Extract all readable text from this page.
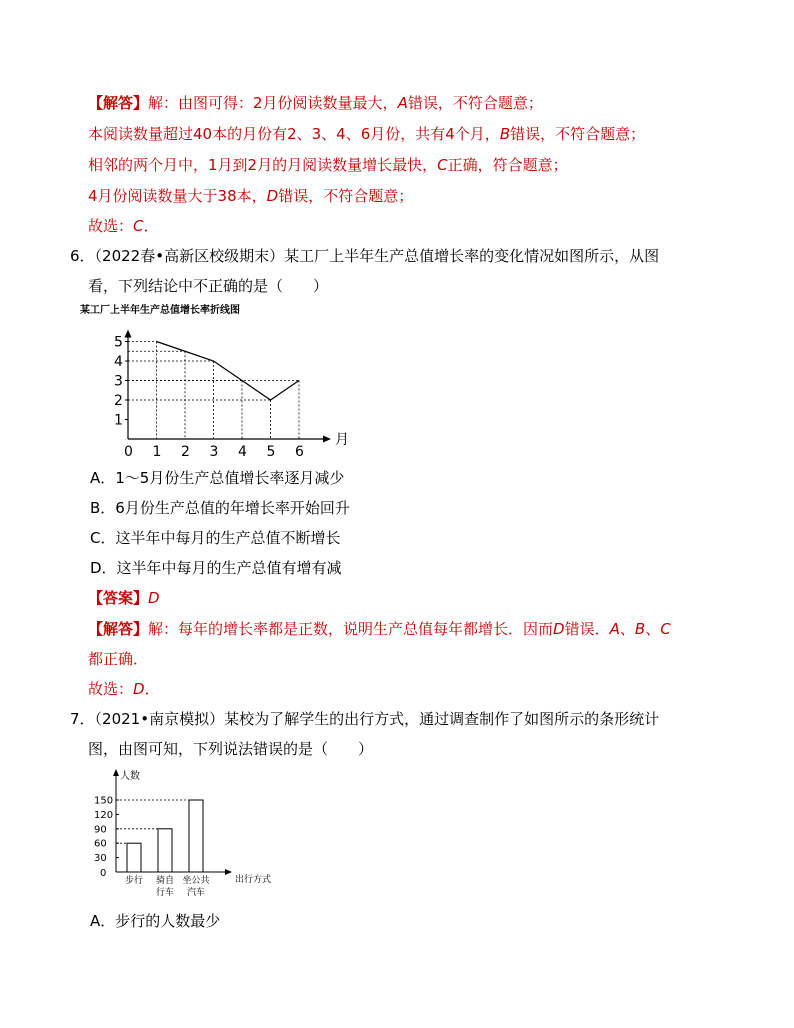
【解答】解：由图可得：2月份阅读数量最大，A错误，不符合题意；
本阅读数量超过40本的月份有2、3、4、6月份，共有4个月，B错误，不符合题意；
相邻的两个月中，1月到2月的月阅读数量增长最快，C正确，符合题意；
4月份阅读数量大于38本，D错误，不符合题意；
故选：C．
6．（2022春•高新区校级期末）某工厂上半年生产总值增长率的变化情况如图所示，从图
看，下列结论中不正确的是（　　）
某工厂上半年生产总值增长率折线图
0 1 2 3 4 5 6
1
2
3
4
5
月
A．1～5月份生产总值增长率逐月减少
B．6月份生产总值的年增长率开始回升
C．这半年中每月的生产总值不断增长
D．这半年中每月的生产总值有增有减
【答案】D
【解答】解：每年的增长率都是正数，说明生产总值每年都增长．因而D错误．A、B、C
都正确．
故选：D．
7．（2021•南京模拟）某校为了解学生的出行方式，通过调查制作了如图所示的条形统计
图，由图可知，下列说法错误的是（　　）
0
30
60
90
120
150
步行 骑自
行车
坐公共
汽车
人数
出行方式
A．步行的人数最少
